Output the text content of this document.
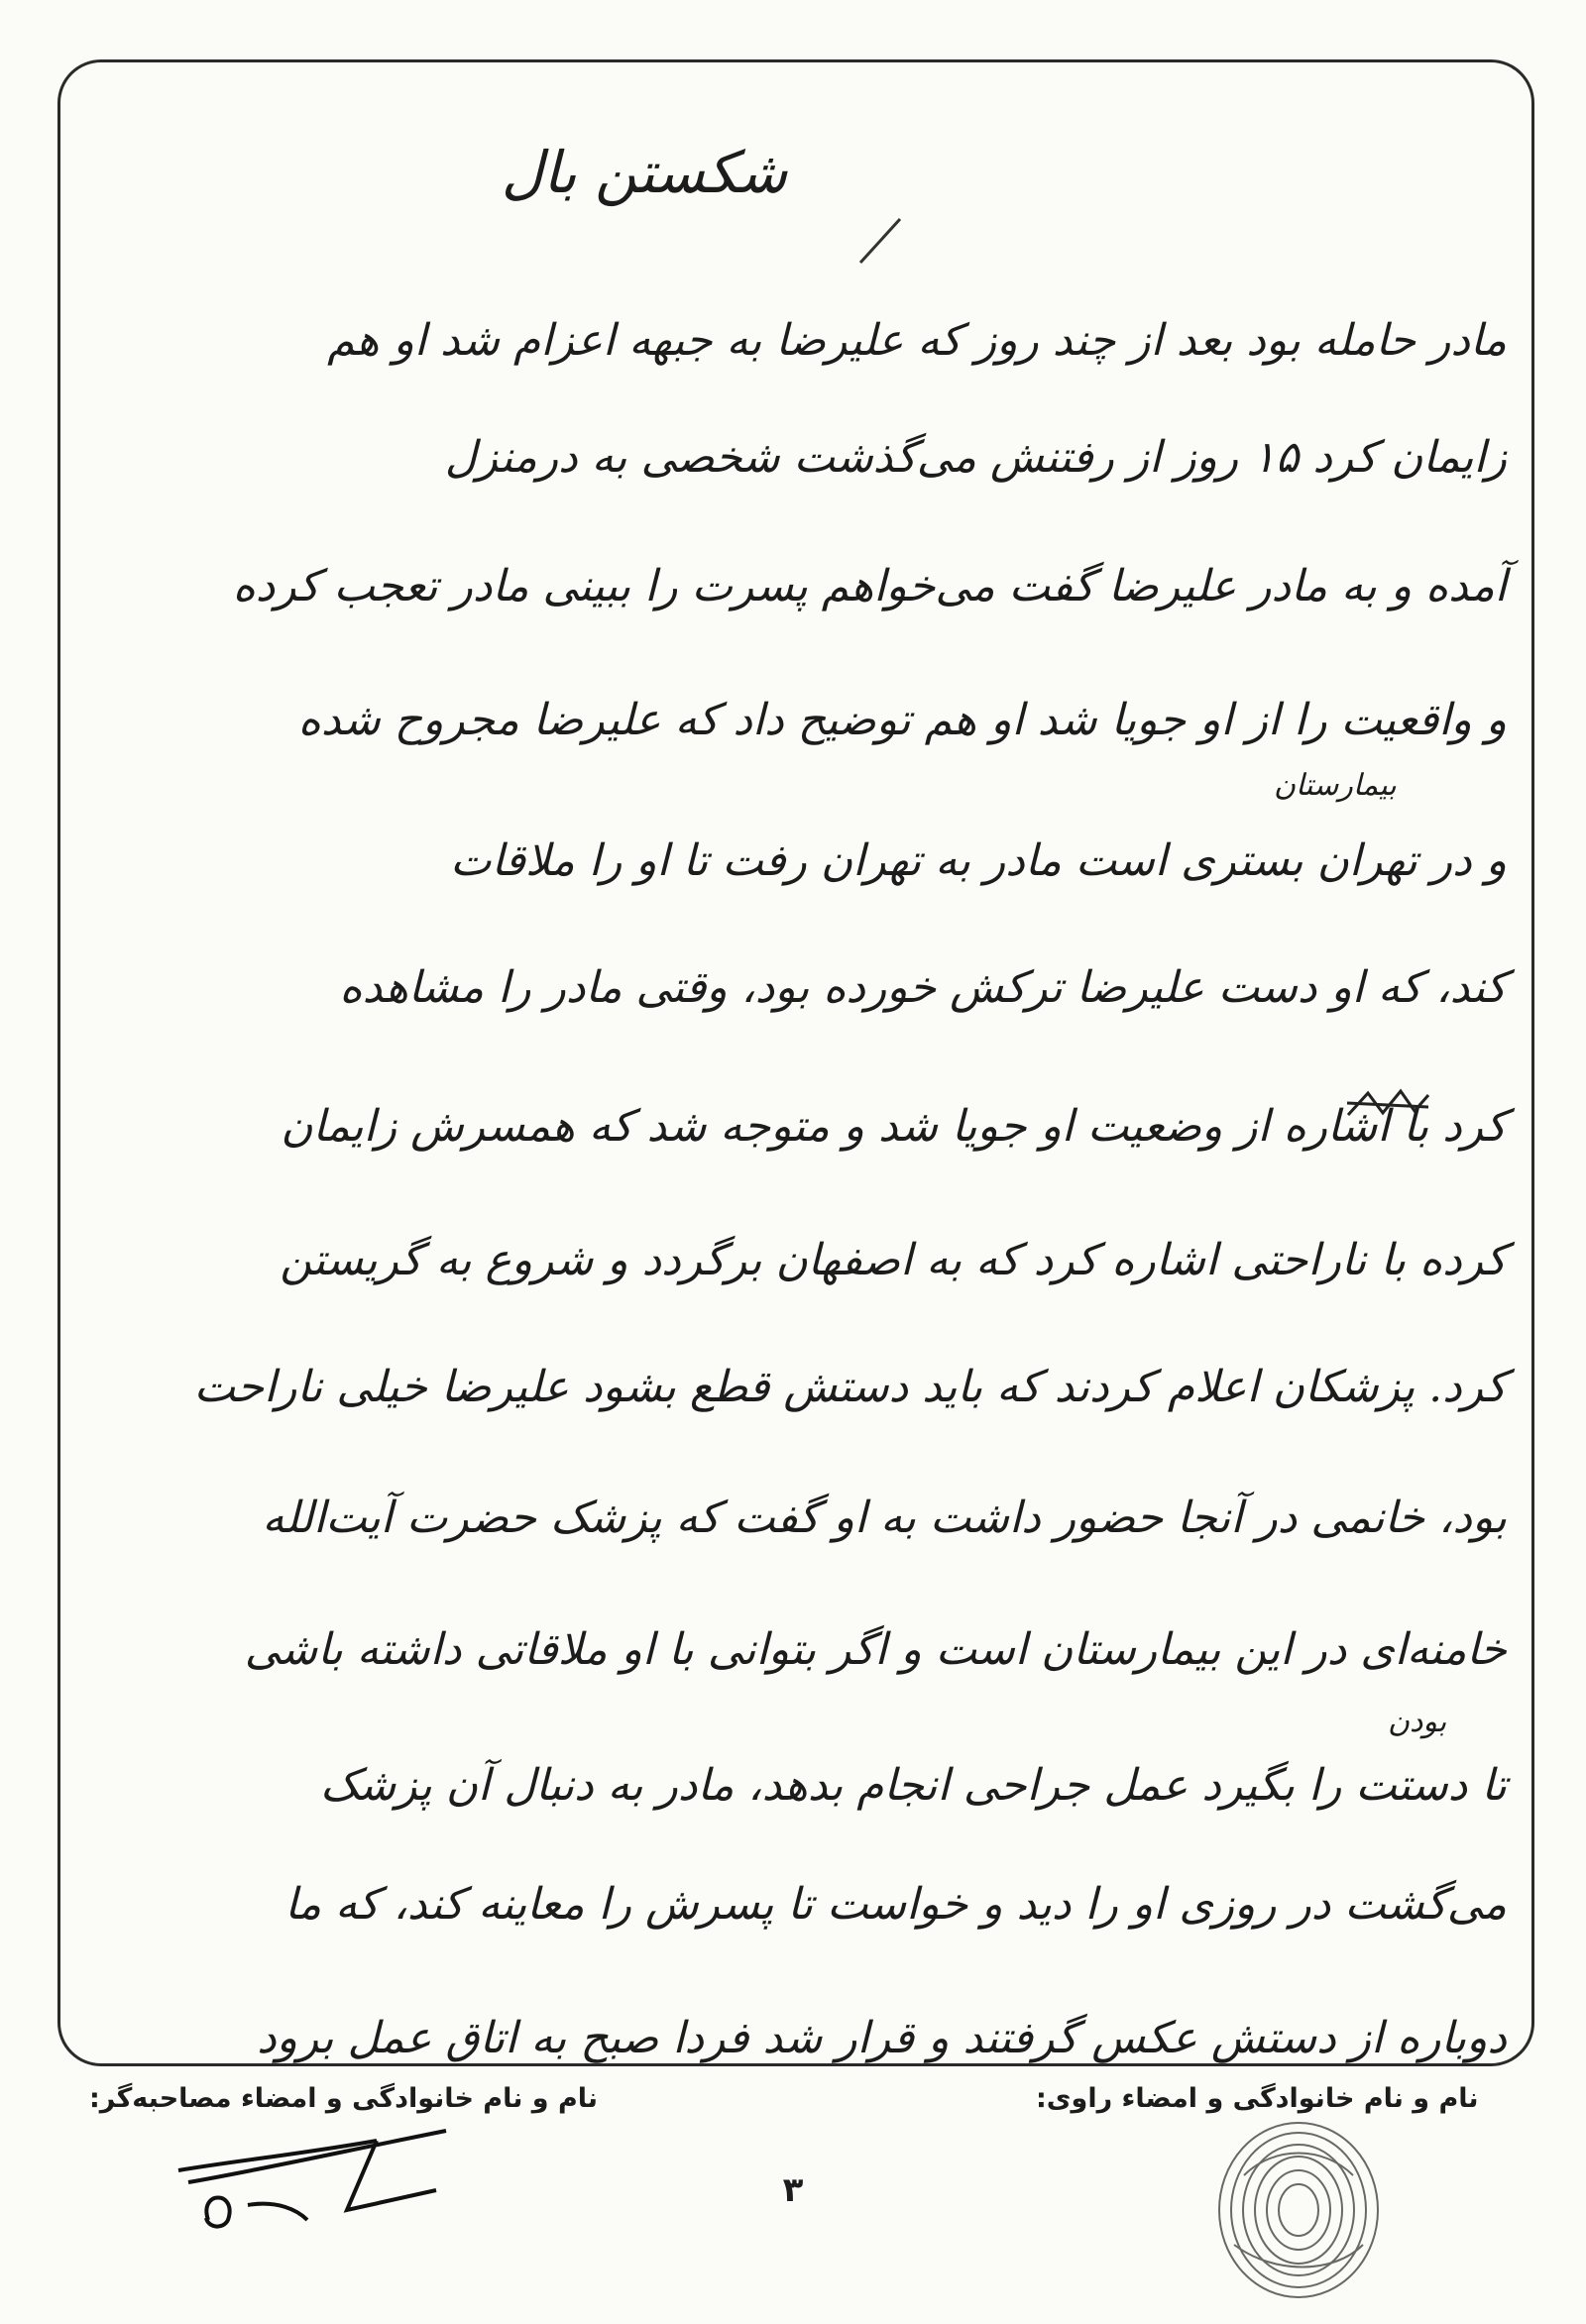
شکستن بال
مادر حامله بود بعد از چند روز که علیرضا به جبهه اعزام شد او هم
زایمان کرد ۱۵ روز از رفتنش می‌گذشت شخصی به درمنزل
آمده و به مادر علیرضا گفت می‌خواهم پسرت را ببینی مادر تعجب کرده
و واقعیت را از او جویا شد او هم توضیح داد که علیرضا مجروح شده
و در تهران بستری است مادر به تهران رفت تا او را ملاقات
کند، که او دست علیرضا ترکش خورده بود، وقتی مادر را مشاهده
کرد با اشاره از وضعیت او جویا شد و متوجه شد که همسرش زایمان
کرده با ناراحتی اشاره کرد که به اصفهان برگردد و شروع به گریستن
کرد. پزشکان اعلام کردند که باید دستش قطع بشود علیرضا خیلی ناراحت
بود، خانمی در آنجا حضور داشت به او گفت که پزشک حضرت آیت‌الله
خامنه‌ای در این بیمارستان است و اگر بتوانی با او ملاقاتی داشته باشی
تا دستت را بگیرد عمل جراحی انجام بدهد، مادر به دنبال آن پزشک
می‌گشت در روزی او را دید و خواست تا پسرش را معاینه کند، که ما
دوباره از دستش عکس گرفتند و قرار شد فردا صبح به اتاق عمل برود
بیمارستان
بودن
نام و نام خانوادگی و امضاء راوی:
نام و نام خانوادگی و امضاء مصاحبه‌گر:
۳
